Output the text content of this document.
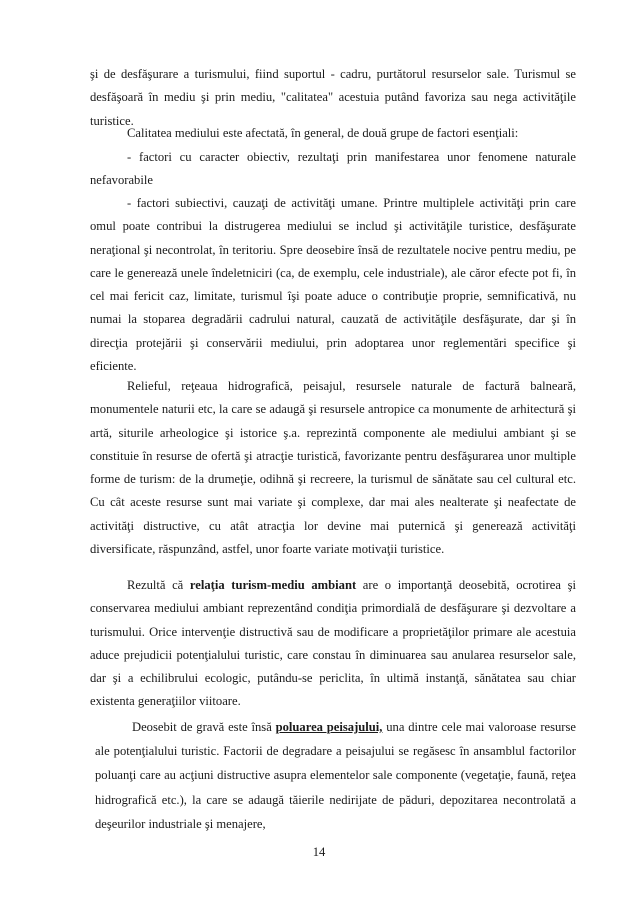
şi de desfăşurare a turismului, fiind suportul - cadru, purtătorul resurselor sale. Turismul se desfăşoară în mediu şi prin mediu, "calitatea" acestuia putând favoriza sau nega activităţile turistice.

Calitatea mediului este afectată, în general, de două grupe de factori esenţiali:

- factori cu caracter obiectiv, rezultaţi prin manifestarea unor fenomene naturale nefavorabile

- factori subiectivi, cauzaţi de activităţi umane. Printre multiplele activităţi prin care omul poate contribui la distrugerea mediului se includ şi activităţile turistice, desfăşurate neraţional şi necontrolat, în teritoriu. Spre deosebire însă de rezultatele nocive pentru mediu, pe care le generează unele îndeletniciri (ca, de exemplu, cele industriale), ale căror efecte pot fi, în cel mai fericit caz, limitate, turismul îşi poate aduce o contribuţie proprie, semnificativă, nu numai la stoparea degradării cadrului natural, cauzată de activităţile desfăşurate, dar şi în direcţia protejării şi conservării mediului, prin adoptarea unor reglementări specifice şi eficiente.

Relieful, reţeaua hidrografică, peisajul, resursele naturale de factură balneară, monumentele naturii etc, la care se adaugă şi resursele antropice ca monumente de arhitectură şi artă, siturile arheologice şi istorice ş.a. reprezintă componente ale mediului ambiant şi se constituie în resurse de ofertă şi atracţie turistică, favorizante pentru desfăşurarea unor multiple forme de turism: de la drumeţie, odihnă şi recreere, la turismul de sănătate sau cel cultural etc. Cu cât aceste resurse sunt mai variate şi complexe, dar mai ales nealterate şi neafectate de activităţi distructive, cu atât atracţia lor devine mai puternică şi generează activităţi diversificate, răspunzând, astfel, unor foarte variate motivaţii turistice.

Rezultă că relaţia turism-mediu ambiant are o importanţă deosebită, ocrotirea şi conservarea mediului ambiant reprezentând condiţia primordială de desfăşurare şi dezvoltare a turismului. Orice intervenţie distructivă sau de modificare a proprietăţilor primare ale acestuia aduce prejudicii potenţialului turistic, care constau în diminuarea sau anularea resurselor sale, dar şi a echilibrului ecologic, putându-se periclita, în ultimă instanţă, sănătatea sau chiar existenta generaţiilor viitoare.

Deosebit de gravă este însă poluarea peisajului, una dintre cele mai valoroase resurse ale potenţialului turistic. Factorii de degradare a peisajului se regăsesc în ansamblul factorilor poluanţi care au acţiuni distructive asupra elementelor sale componente (vegetaţie, faună, reţea hidrografică etc.), la care se adaugă tăierile nedirijate de păduri, depozitarea necontrolată a deşeurilor industriale şi menajere,

14
